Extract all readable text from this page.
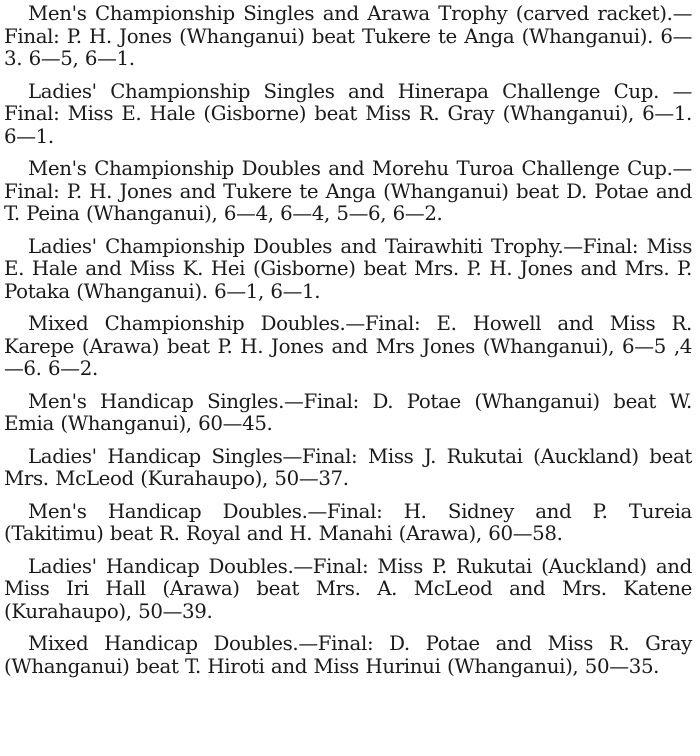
Men's Championship Singles and Arawa Trophy (carved racket).—Final: P. H. Jones (Whanganui) beat Tukere te Anga (Whanganui). 6—3. 6—5, 6—1.

Ladies' Championship Singles and Hinerapa Challenge Cup. —Final: Miss E. Hale (Gisborne) beat Miss R. Gray (Whanganui), 6—1. 6—1.

Men's Championship Doubles and Morehu Turoa Challenge Cup.—Final: P. H. Jones and Tukere te Anga (Whanganui) beat D. Potae and T. Peina (Whanganui), 6—4, 6—4, 5—6, 6—2.

Ladies' Championship Doubles and Tairawhiti Trophy.—Final: Miss E. Hale and Miss K. Hei (Gisborne) beat Mrs. P. H. Jones and Mrs. P. Potaka (Whanganui). 6—1, 6—1.

Mixed Championship Doubles.—Final: E. Howell and Miss R. Karepe (Arawa) beat P. H. Jones and Mrs Jones (Whanganui), 6—5 ,4—6. 6—2.

Men's Handicap Singles.—Final: D. Potae (Whanganui) beat W. Emia (Whanganui), 60—45.

Ladies' Handicap Singles—Final: Miss J. Rukutai (Auckland) beat Mrs. McLeod (Kurahaupo), 50—37.

Men's Handicap Doubles.—Final: H. Sidney and P. Tureia (Takitimu) beat R. Royal and H. Manahi (Arawa), 60—58.

Ladies' Handicap Doubles.—Final: Miss P. Rukutai (Auckland) and Miss Iri Hall (Arawa) beat Mrs. A. McLeod and Mrs. Katene (Kurahaupo), 50—39.

Mixed Handicap Doubles.—Final: D. Potae and Miss R. Gray (Whanganui) beat T. Hiroti and Miss Hurinui (Whanganui), 50—35.
